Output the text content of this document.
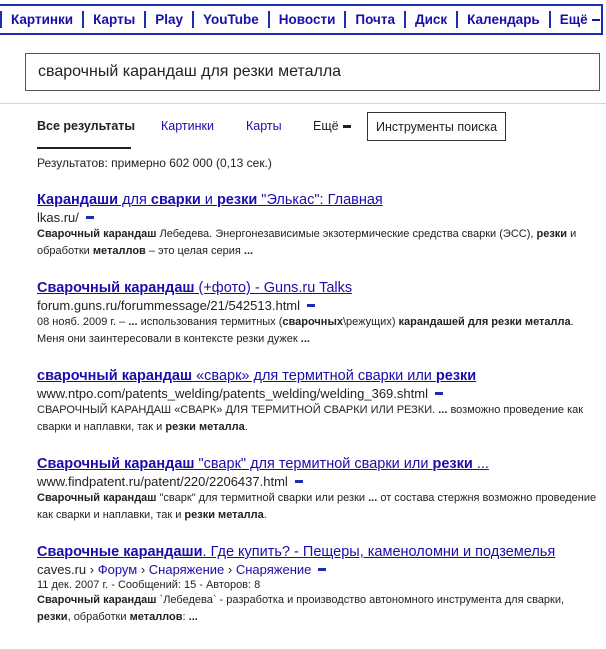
Картинки	Карты	Play	YouTube	Новости	Почта	Диск	Календарь	Ещё
сварочный карандаш для резки металла
Все результаты Картинки	Карты	Ещё	Инструменты поиска
Результатов: примерно 602 000 (0,13 сек.)
Карандаши для сварки и резки "Элькас": Главная
lkas.ru/
Сварочный карандаш Лебедева. Энергонезависимые экзотермические средства сварки (ЭСС), резки и обработки металлов – это целая серия ...
Сварочный карандаш (+фото) - Guns.ru Talks
forum.guns.ru/forummessage/21/542513.html
08 нояб. 2009 г. – ... использования термитных (сварочных\режущих) карандашей для резки металла. Меня они заинтересовали в контексте резки дужек ...
сварочный карандаш «сварк» для термитной сварки или резки
www.ntpo.com/patents_welding/patents_welding/welding_369.shtml
СВАРОЧНЫЙ КАРАНДАШ «СВАРК» ДЛЯ ТЕРМИТНОЙ СВАРКИ ИЛИ РЕЗКИ. ... возможно проведение как сварки и наплавки, так и резки металла.
Сварочный карандаш "сварк" для термитной сварки или резки ...
www.findpatent.ru/patent/220/2206437.html
Сварочный карандаш "сварк" для термитной сварки или резки ... от состава стержня возможно проведение как сварки и наплавки, так и резки металла.
Сварочные карандаши. Где купить? - Пещеры, каменоломни и подземелья
caves.ru › Форум › Снаряжение › Снаряжение
11 дек. 2007 г. - Сообщений: 15 - Авторов: 8
Сварочный карандаш `Лебедева` - разработка и производство автономного инструмента для сварки, резки, обработки металлов: ...
